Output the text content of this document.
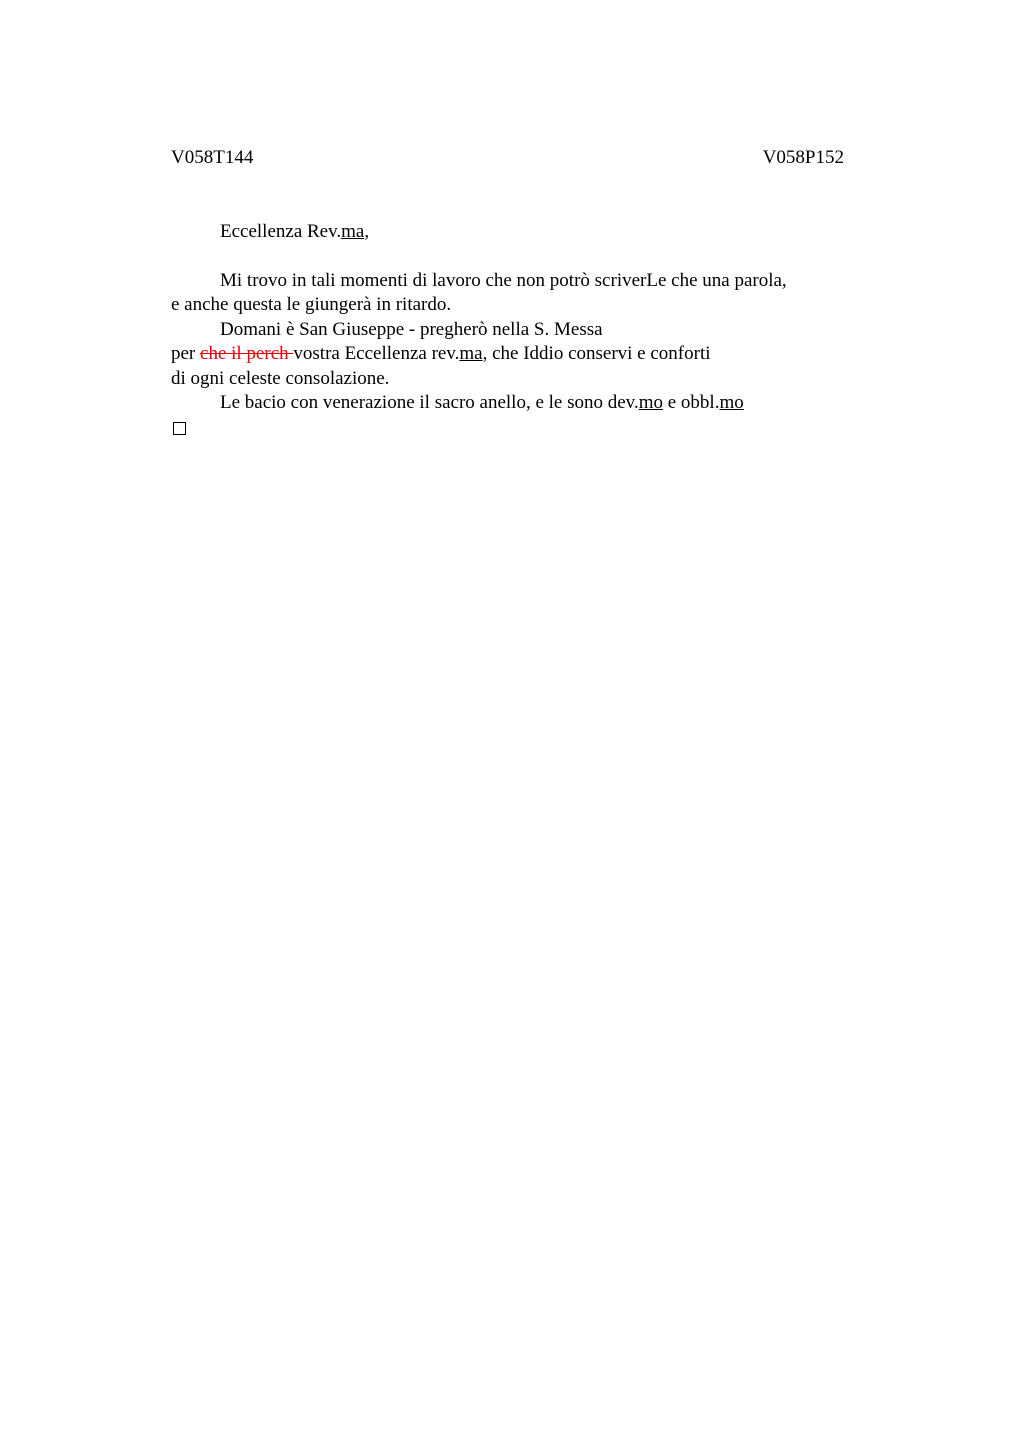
V058T144	V058P152
Eccellenza Rev.ma,
Mi trovo in tali momenti di lavoro che non potrò scriverLe che una parola,
e anche questa le giungerà in ritardo.
Domani è San Giuseppe - pregherò nella S. Messa
per che il perch vostra Eccellenza rev.ma, che Iddio conservi e conforti
di ogni celeste consolazione.
Le bacio con venerazione il sacro anello, e le sono dev.mo e obbl.mo
